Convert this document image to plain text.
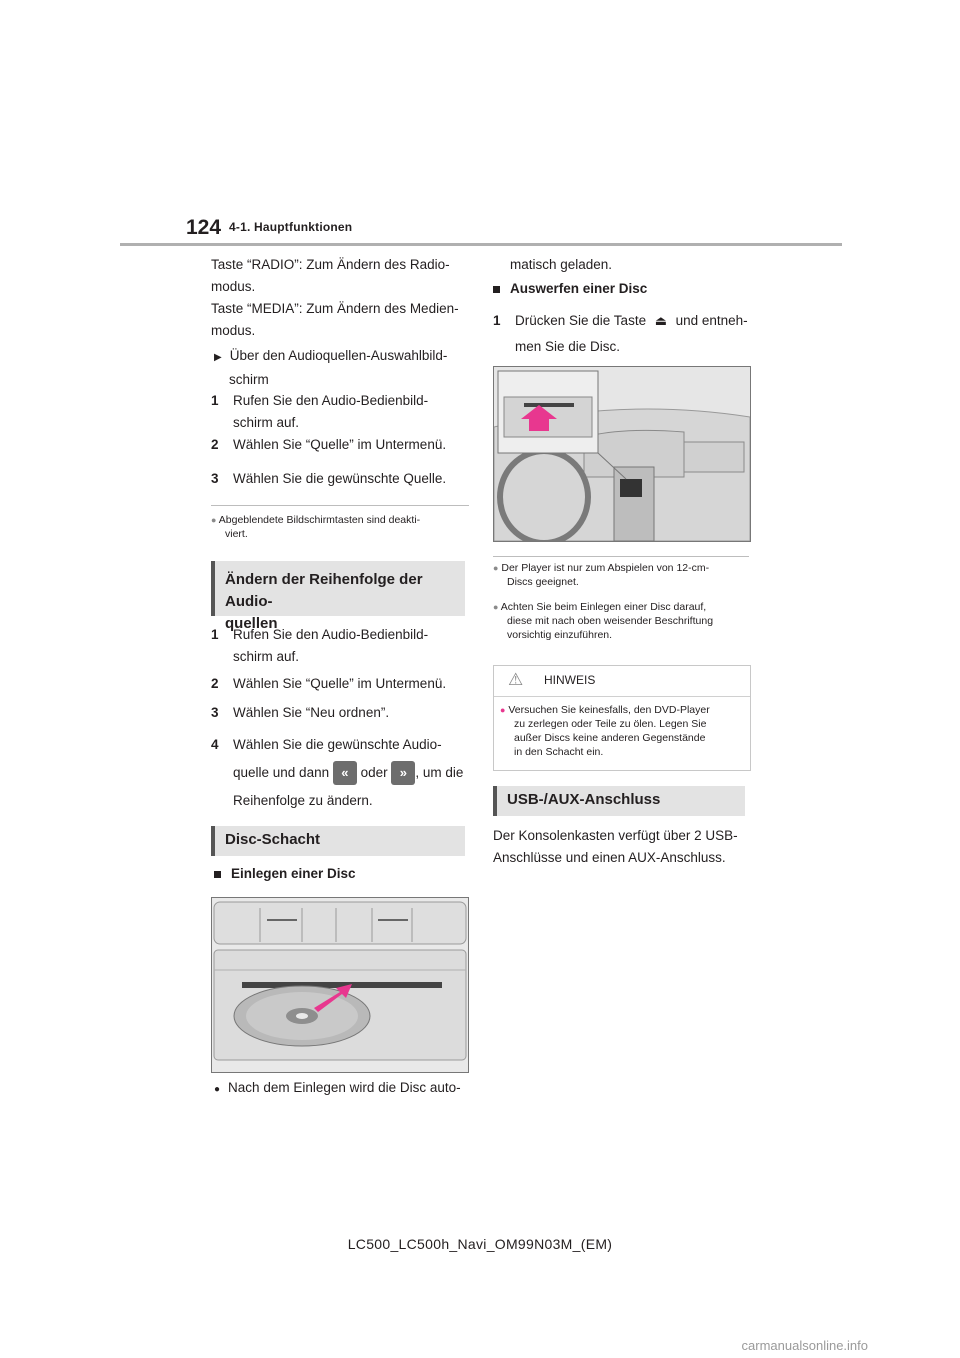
124 4-1. Hauptfunktionen
Taste “RADIO”: Zum Ändern des Radio-
modus.
Taste “MEDIA”: Zum Ändern des Medien-
modus.
▶ Über den Audioquellen-Auswahlbild-
schirm
1 Rufen Sie den Audio-Bedienbild-
schirm auf.
2 Wählen Sie “Quelle” im Untermenü.
3 Wählen Sie die gewünschte Quelle.
● Abgeblendete Bildschirmtasten sind deakti-
viert.
Ändern der Reihenfolge der Audio-
quellen
1 Rufen Sie den Audio-Bedienbild-
schirm auf.
2 Wählen Sie “Quelle” im Untermenü.
3 Wählen Sie “Neu ordnen”.
4 Wählen Sie die gewünschte Audio-
quelle und dann « oder » , um die
Reihenfolge zu ändern.
Disc-Schacht
Einlegen einer Disc
● Nach dem Einlegen wird die Disc auto-
matisch geladen.
Auswerfen einer Disc
1	Drücken Sie die Taste ⏏ und entneh-
men Sie die Disc.
● Der Player ist nur zum Abspielen von 12-cm-
Discs geeignet.
● Achten Sie beim Einlegen einer Disc darauf,
diese mit nach oben weisender Beschriftung
vorsichtig einzuführen.
⚠ HINWEIS
● Versuchen Sie keinesfalls, den DVD-Player
zu zerlegen oder Teile zu ölen. Legen Sie
außer Discs keine anderen Gegenstände
in den Schacht ein.
USB-/AUX-Anschluss
Der Konsolenkasten verfügt über 2 USB-
Anschlüsse und einen AUX-Anschluss.
LC500_LC500h_Navi_OM99N03M_(EM)
carmanualsonline.info
